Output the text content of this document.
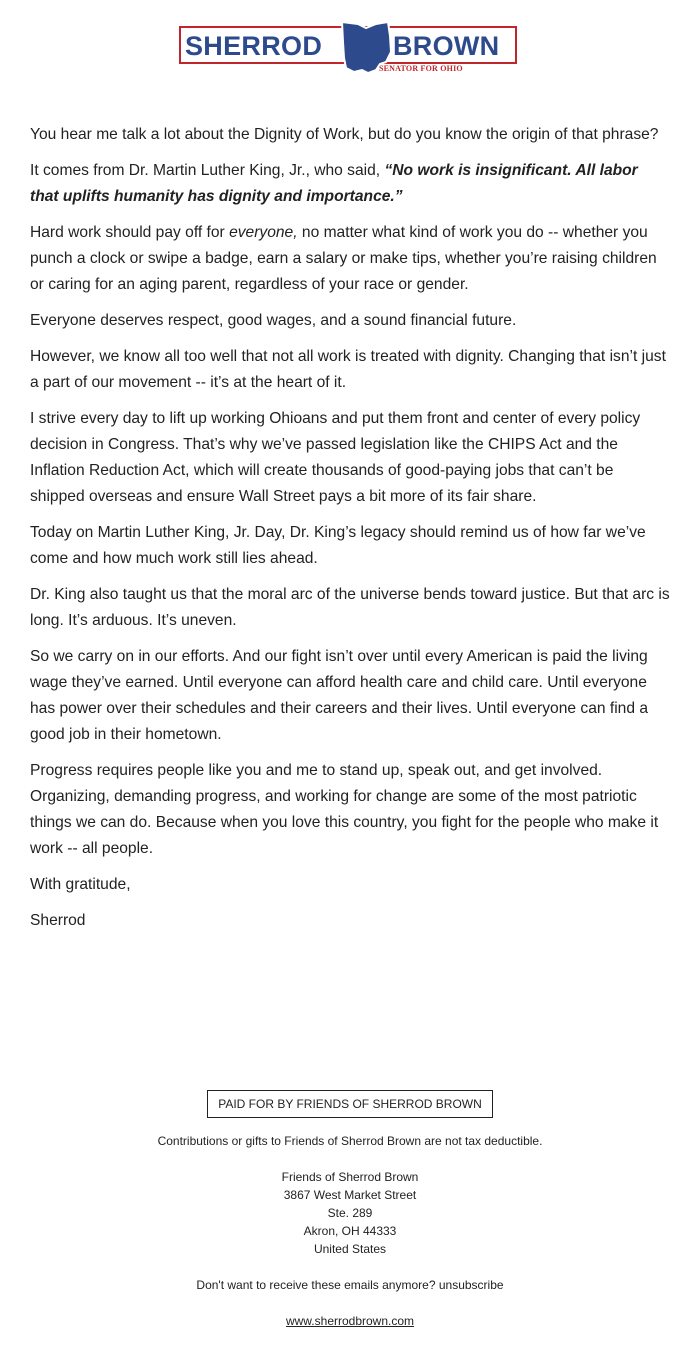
SHERROD	BROWN
SENATOR FOR OHIO

You hear me talk a lot about the Dignity of Work, but do you know the origin of that phrase?

It comes from Dr. Martin Luther King, Jr., who said, “No work is insignificant. All labor that uplifts humanity has dignity and importance.”

Hard work should pay off for everyone, no matter what kind of work you do -- whether you punch a clock or swipe a badge, earn a salary or make tips, whether you’re raising children or caring for an aging parent, regardless of your race or gender.

Everyone deserves respect, good wages, and a sound financial future.

However, we know all too well that not all work is treated with dignity. Changing that isn’t just a part of our movement -- it’s at the heart of it.

I strive every day to lift up working Ohioans and put them front and center of every policy decision in Congress. That’s why we’ve passed legislation like the CHIPS Act and the Inflation Reduction Act, which will create thousands of good-paying jobs that can’t be shipped overseas and ensure Wall Street pays a bit more of its fair share.

Today on Martin Luther King, Jr. Day, Dr. King’s legacy should remind us of how far we’ve come and how much work still lies ahead.

Dr. King also taught us that the moral arc of the universe bends toward justice. But that arc is long. It’s arduous. It’s uneven.

So we carry on in our efforts. And our fight isn’t over until every American is paid the living wage they’ve earned. Until everyone can afford health care and child care. Until everyone has power over their schedules and their careers and their lives. Until everyone can find a good job in their hometown.

Progress requires people like you and me to stand up, speak out, and get involved. Organizing, demanding progress, and working for change are some of the most patriotic things we can do. Because when you love this country, you fight for the people who make it work -- all people.

With gratitude,

Sherrod

PAID FOR BY FRIENDS OF SHERROD BROWN
Contributions or gifts to Friends of Sherrod Brown are not tax deductible.
Friends of Sherrod Brown
3867 West Market Street
Ste. 289
Akron, OH 44333
United States
Don't want to receive these emails anymore? unsubscribe
www.sherrodbrown.com
